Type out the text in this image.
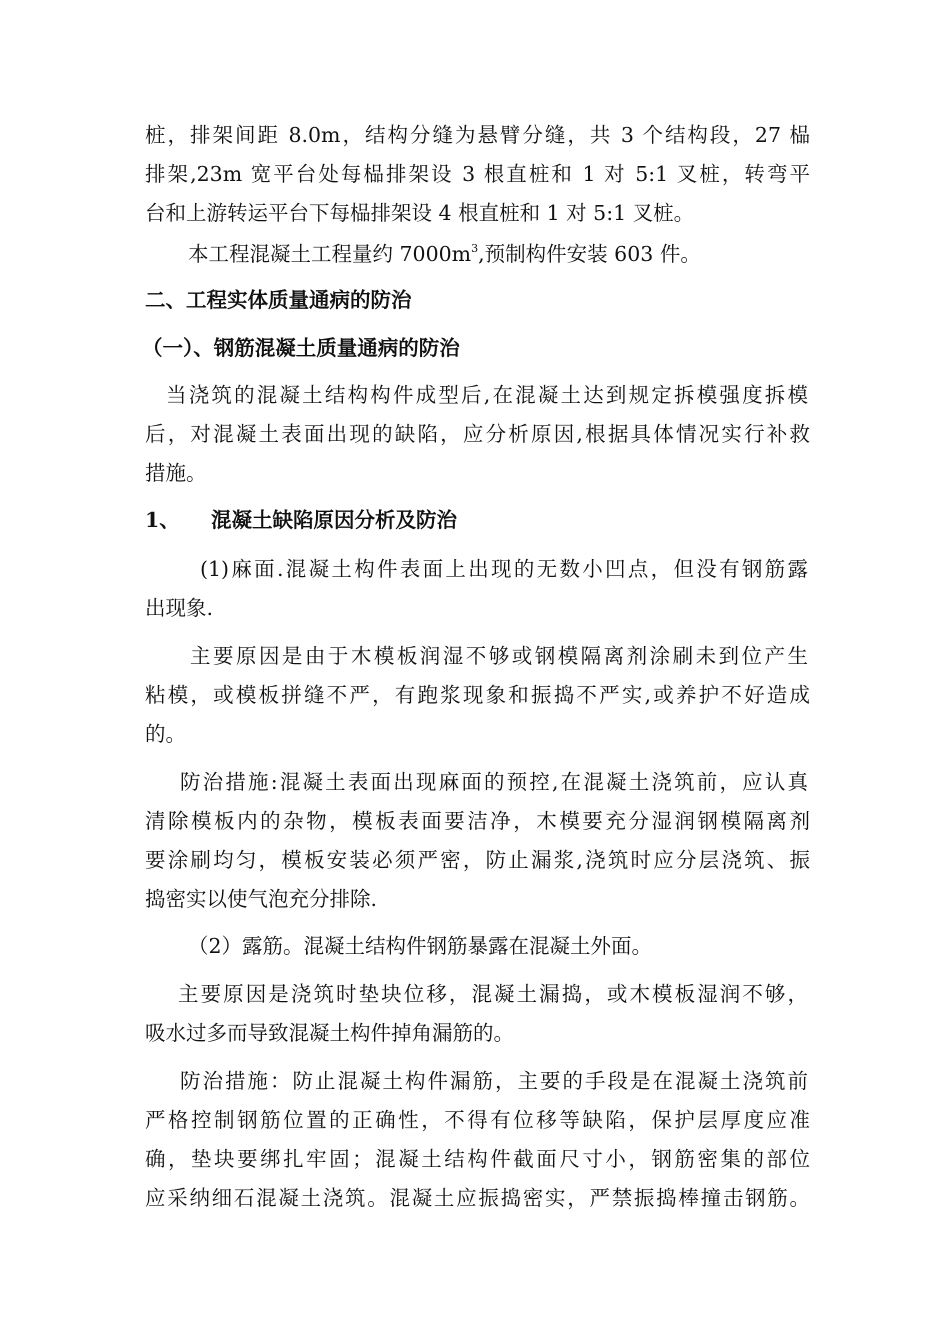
桩，排架间距 8.0m，结构分缝为悬臂分缝，共 3 个结构段，27 榀
排架,23m 宽平台处每榀排架设 3 根直桩和 1 对 5:1 叉桩，转弯平
台和上游转运平台下每榀排架设 4 根直桩和 1 对 5:1 叉桩。
本工程混凝土工程量约 $7000m^3$,预制构件安装 603 件。
二、工程实体质量通病的防治
（一）、钢筋混凝土质量通病的防治
当浇筑的混凝土结构构件成型后,在混凝土达到规定拆模强度拆模
后，对混凝土表面出现的缺陷，应分析原因,根据具体情况实行补救
措施。
1、 混凝土缺陷原因分析及防治
(1)麻面.混凝土构件表面上出现的无数小凹点，但没有钢筋露
出现象.
主要原因是由于木模板润湿不够或钢模隔离剂涂刷未到位产生
粘模，或模板拼缝不严，有跑浆现象和振捣不严实,或养护不好造成
的。
防治措施:混凝土表面出现麻面的预控,在混凝土浇筑前，应认真
清除模板内的杂物，模板表面要洁净，木模要充分湿润钢模隔离剂
要涂刷均匀，模板安装必须严密，防止漏浆,浇筑时应分层浇筑、振
捣密实以使气泡充分排除.
（2）露筋。混凝土结构件钢筋暴露在混凝土外面。
主要原因是浇筑时垫块位移，混凝土漏捣，或木模板湿润不够，
吸水过多而导致混凝土构件掉角漏筋的。
防治措施：防止混凝土构件漏筋，主要的手段是在混凝土浇筑前
严格控制钢筋位置的正确性，不得有位移等缺陷，保护层厚度应准
确，垫块要绑扎牢固；混凝土结构件截面尺寸小，钢筋密集的部位
应采纳细石混凝土浇筑。混凝土应振捣密实，严禁振捣棒撞击钢筋。
